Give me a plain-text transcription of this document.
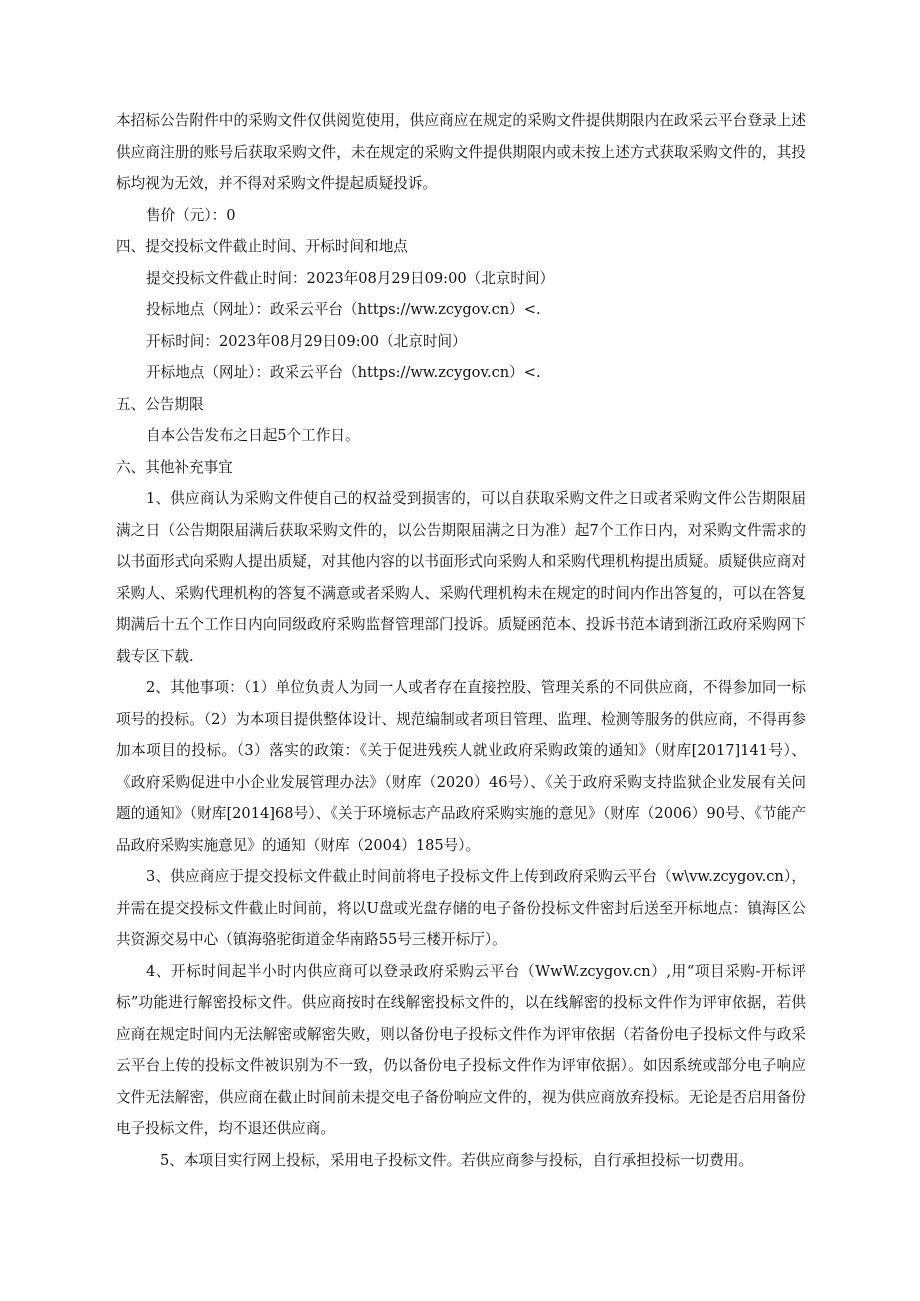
本招标公告附件中的采购文件仅供阅览使用，供应商应在规定的采购文件提供期限内在政采云平台登录上述供应商注册的账号后获取采购文件，未在规定的采购文件提供期限内或未按上述方式获取采购文件的，其投标均视为无效，并不得对采购文件提起质疑投诉。

售价（元）：0

四、提交投标文件截止时间、开标时间和地点

提交投标文件截止时间：2023年08月29日09:00（北京时间）

投标地点（网址）：政采云平台（https://ww.zcygov.cn）<.

开标时间：2023年08月29日09:00（北京时间）

开标地点（网址）：政采云平台（https://ww.zcygov.cn）<.

五、公告期限

自本公告发布之日起5个工作日。

六、其他补充事宜

1、供应商认为采购文件使自己的权益受到损害的，可以自获取采购文件之日或者采购文件公告期限届满之日（公告期限届满后获取采购文件的，以公告期限届满之日为准）起7个工作日内，对采购文件需求的以书面形式向采购人提出质疑，对其他内容的以书面形式向采购人和采购代理机构提出质疑。质疑供应商对采购人、采购代理机构的答复不满意或者采购人、采购代理机构未在规定的时间内作出答复的，可以在答复期满后十五个工作日内向同级政府采购监督管理部门投诉。质疑函范本、投诉书范本请到浙江政府采购网下载专区下载.

2、其他事项：（1）单位负责人为同一人或者存在直接控股、管理关系的不同供应商，不得参加同一标项号的投标。（2）为本项目提供整体设计、规范编制或者项目管理、监理、检测等服务的供应商，不得再参加本项目的投标。（3）落实的政策：《关于促进残疾人就业政府采购政策的通知》（财库[2017]141号）、《政府采购促进中小企业发展管理办法》（财库（2020）46号）、《关于政府采购支持监狱企业发展有关问题的通知》（财库[2014]68号）、《关于环境标志产品政府采购实施的意见》（财库（2006）90号、《节能产品政府采购实施意见》的通知（财库（2004）185号）。

3、供应商应于提交投标文件截止时间前将电子投标文件上传到政府采购云平台（w\vw.zcygov.cn），并需在提交投标文件截止时间前，将以U盘或光盘存储的电子备份投标文件密封后送至开标地点：镇海区公共资源交易中心（镇海骆驼街道金华南路55号三楼开标厅）。

4、开标时间起半小时内供应商可以登录政府采购云平台（WwW.zcygov.cn）,用“项目采购-开标评标”功能进行解密投标文件。供应商按时在线解密投标文件的，以在线解密的投标文件作为评审依据，若供应商在规定时间内无法解密或解密失败，则以备份电子投标文件作为评审依据（若备份电子投标文件与政采云平台上传的投标文件被识别为不一致，仍以备份电子投标文件作为评审依据）。如因系统或部分电子响应文件无法解密，供应商在截止时间前未提交电子备份响应文件的，视为供应商放弃投标。无论是否启用备份电子投标文件，均不退还供应商。

5、本项目实行网上投标，采用电子投标文件。若供应商参与投标，自行承担投标一切费用。
